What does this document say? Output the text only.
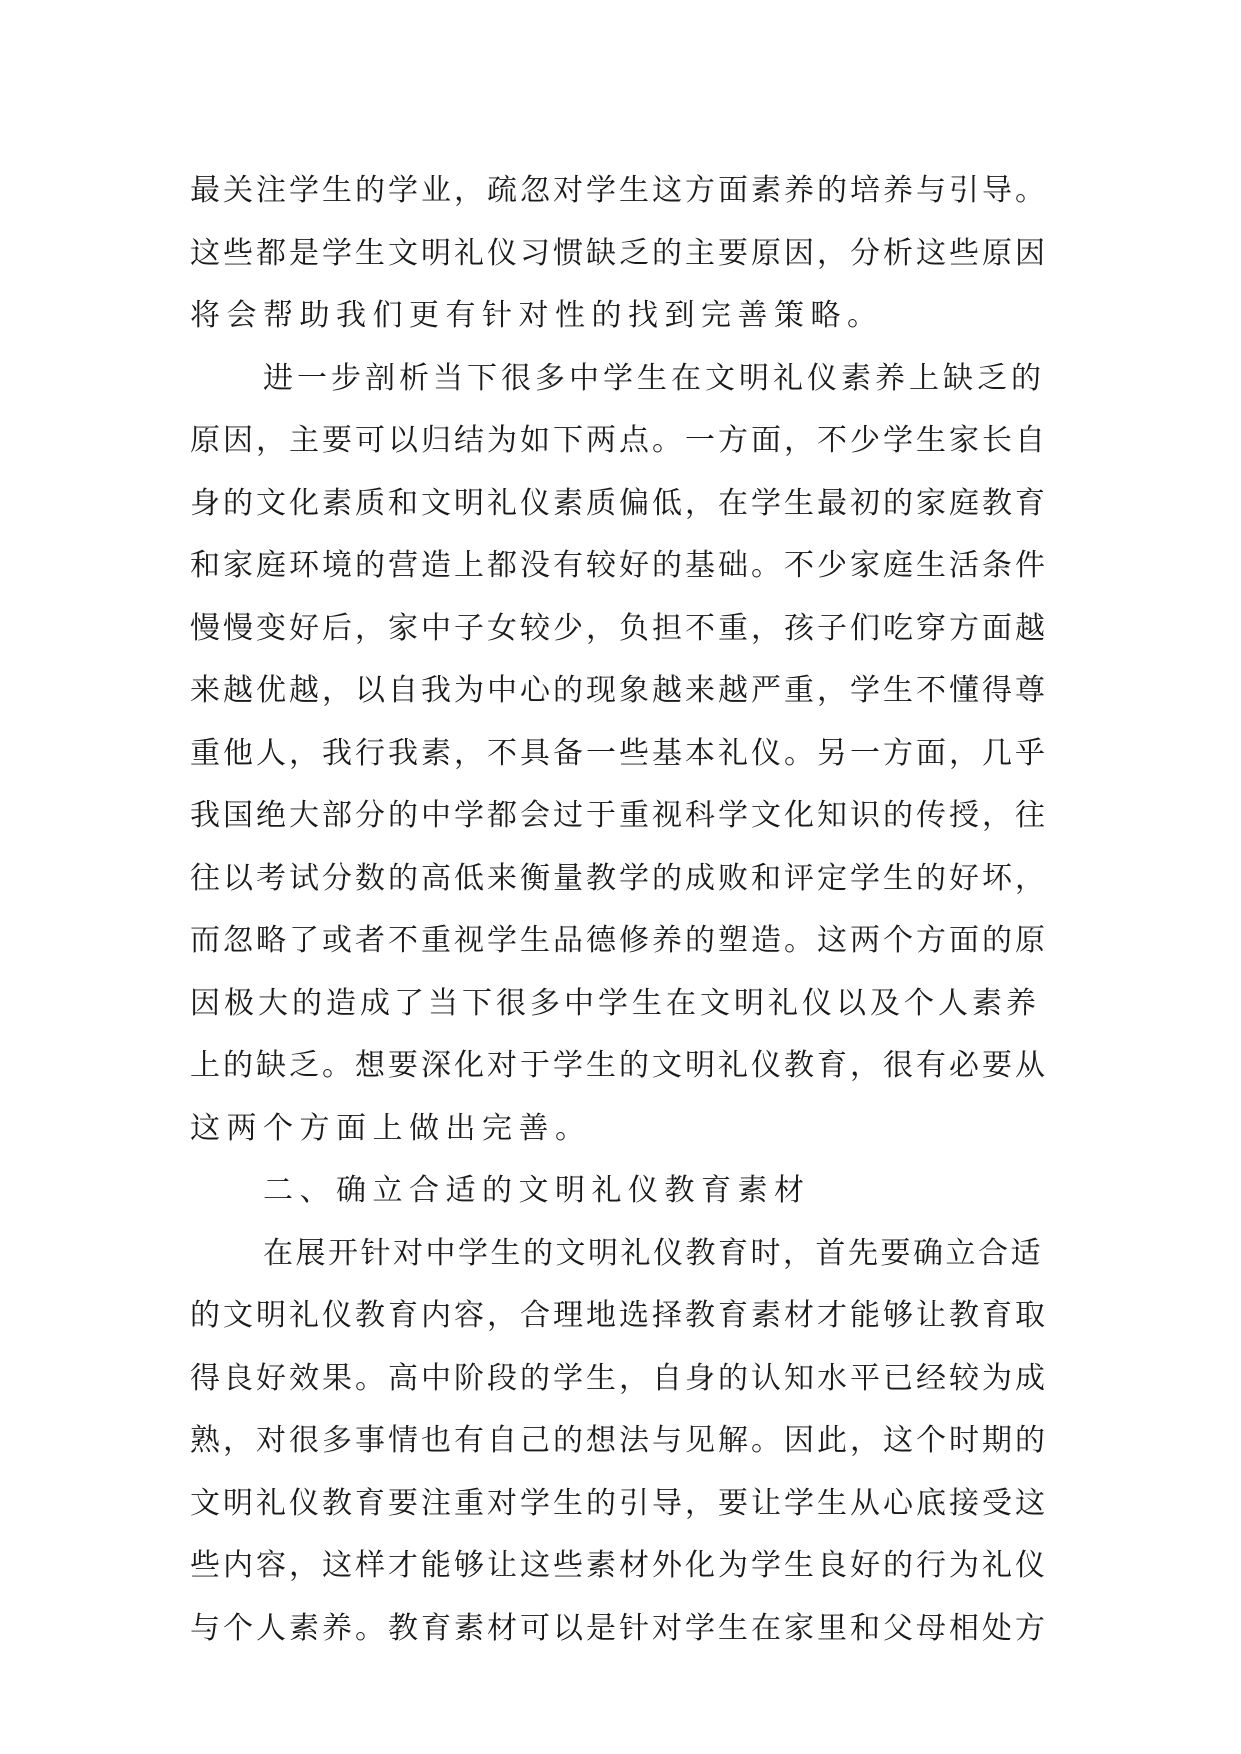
最关注学生的学业，疏忽对学生这方面素养的培养与引导。
这些都是学生文明礼仪习惯缺乏的主要原因，分析这些原因
将会帮助我们更有针对性的找到完善策略。
进一步剖析当下很多中学生在文明礼仪素养上缺乏的
原因，主要可以归结为如下两点。一方面，不少学生家长自
身的文化素质和文明礼仪素质偏低，在学生最初的家庭教育
和家庭环境的营造上都没有较好的基础。不少家庭生活条件
慢慢变好后，家中子女较少，负担不重，孩子们吃穿方面越
来越优越，以自我为中心的现象越来越严重，学生不懂得尊
重他人，我行我素，不具备一些基本礼仪。另一方面，几乎
我国绝大部分的中学都会过于重视科学文化知识的传授，往
往以考试分数的高低来衡量教学的成败和评定学生的好坏，
而忽略了或者不重视学生品德修养的塑造。这两个方面的原
因极大的造成了当下很多中学生在文明礼仪以及个人素养
上的缺乏。想要深化对于学生的文明礼仪教育，很有必要从
这两个方面上做出完善。
二、确立合适的文明礼仪教育素材
在展开针对中学生的文明礼仪教育时，首先要确立合适
的文明礼仪教育内容，合理地选择教育素材才能够让教育取
得良好效果。高中阶段的学生，自身的认知水平已经较为成
熟，对很多事情也有自己的想法与见解。因此，这个时期的
文明礼仪教育要注重对学生的引导，要让学生从心底接受这
些内容，这样才能够让这些素材外化为学生良好的行为礼仪
与个人素养。教育素材可以是针对学生在家里和父母相处方
